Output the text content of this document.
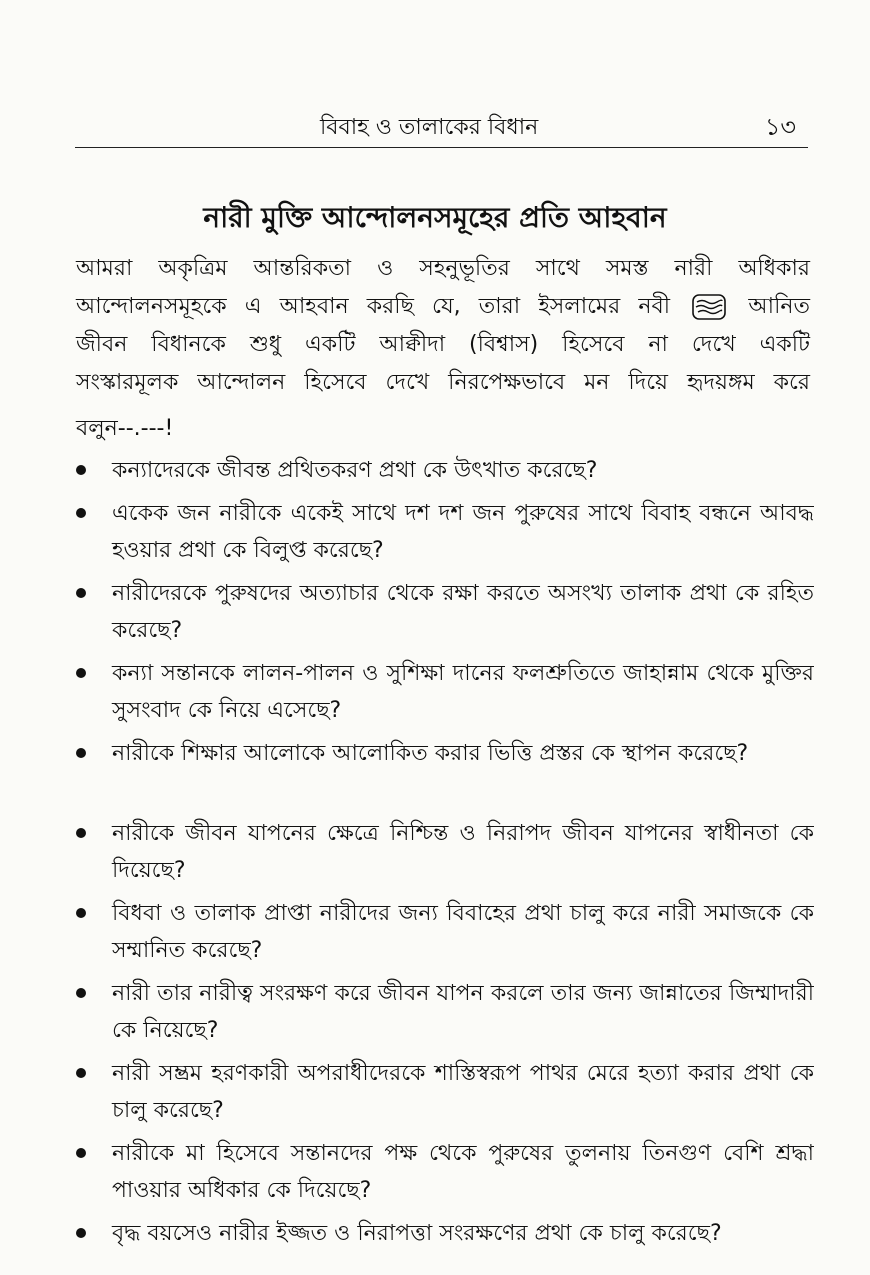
বিবাহ ও তালাকের বিধান	১৩
নারী মুক্তি আন্দোলনসমূহের প্রতি আহবান

আমরা অকৃত্রিম আন্তরিকতা ও সহনুভূতির সাথে সমস্ত নারী অধিকার
আন্দোলনসমূহকে এ আহবান করছি যে, তারা ইসলামের নবী	আনিত
জীবন বিধানকে শুধু একটি আক্বীদা (বিশ্বাস) হিসেবে না দেখে একটি
সংস্কারমূলক আন্দোলন হিসেবে দেখে নিরপেক্ষভাবে মন দিয়ে হৃদয়ঙ্গম করে

বলুন--.---!
কন্যাদেরকে জীবন্ত প্রথিতকরণ প্রথা কে উৎখাত করেছে?
একেক জন নারীকে একেই সাথে দশ দশ জন পুরুষের সাথে বিবাহ বন্ধনে আবদ্ধ হওয়ার প্রথা কে বিলুপ্ত করেছে?
নারীদেরকে পুরুষদের অত্যাচার থেকে রক্ষা করতে অসংখ্য তালাক প্রথা কে রহিত করেছে?
কন্যা সন্তানকে লালন-পালন ও সুশিক্ষা দানের ফলশ্রুতিতে জাহান্নাম থেকে মুক্তির সুসংবাদ কে নিয়ে এসেছে?
নারীকে শিক্ষার আলোকে আলোকিত করার ভিত্তি প্রস্তর কে স্থাপন করেছে?
নারীকে জীবন যাপনের ক্ষেত্রে নিশ্চিন্ত ও নিরাপদ জীবন যাপনের স্বাধীনতা কে দিয়েছে?
বিধবা ও তালাক প্রাপ্তা নারীদের জন্য বিবাহের প্রথা চালু করে নারী সমাজকে কে সম্মানিত করেছে?
নারী তার নারীত্ব সংরক্ষণ করে জীবন যাপন করলে তার জন্য জান্নাতের জিম্মাদারী কে নিয়েছে?
নারী সম্ভ্রম হরণকারী অপরাধীদেরকে শাস্তিস্বরূপ পাথর মেরে হত্যা করার প্রথা কে চালু করেছে?
নারীকে মা হিসেবে সন্তানদের পক্ষ থেকে পুরুষের তুলনায় তিনগুণ বেশি শ্রদ্ধা পাওয়ার অধিকার কে দিয়েছে?
বৃদ্ধ বয়সেও নারীর ইজ্জত ও নিরাপত্তা সংরক্ষণের প্রথা কে চালু করেছে?
